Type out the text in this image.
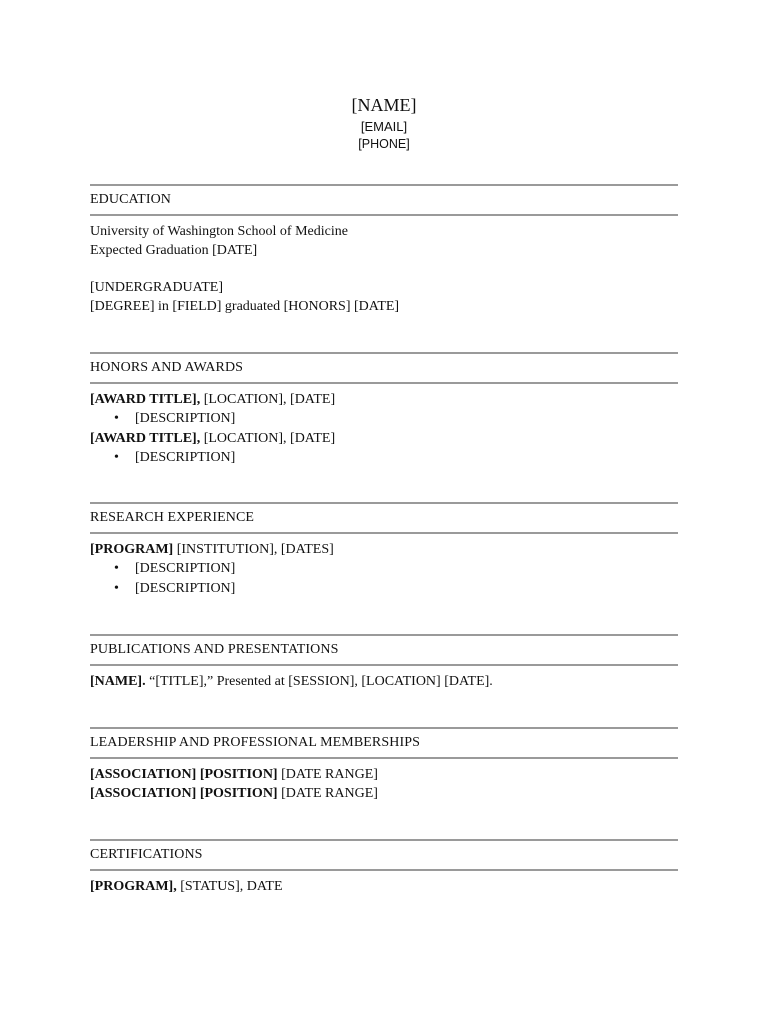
[NAME]
[EMAIL]
[PHONE]
EDUCATION

University of Washington School of Medicine

Expected Graduation [DATE]

[UNDERGRADUATE]

[DEGREE] in [FIELD] graduated [HONORS] [DATE]

HONORS AND AWARDS

[AWARD TITLE], [LOCATION], [DATE]

• [DESCRIPTION]

[AWARD TITLE], [LOCATION], [DATE]

• [DESCRIPTION]
RESEARCH EXPERIENCE

[PROGRAM] [INSTITUTION], [DATES]

• [DESCRIPTION]
• [DESCRIPTION]
PUBLICATIONS AND PRESENTATIONS

[NAME]. “[TITLE],” Presented at [SESSION], [LOCATION] [DATE].

LEADERSHIP AND PROFESSIONAL MEMBERSHIPS

[ASSOCIATION] [POSITION] [DATE RANGE]

[ASSOCIATION] [POSITION] [DATE RANGE]

CERTIFICATIONS

[PROGRAM], [STATUS], DATE
